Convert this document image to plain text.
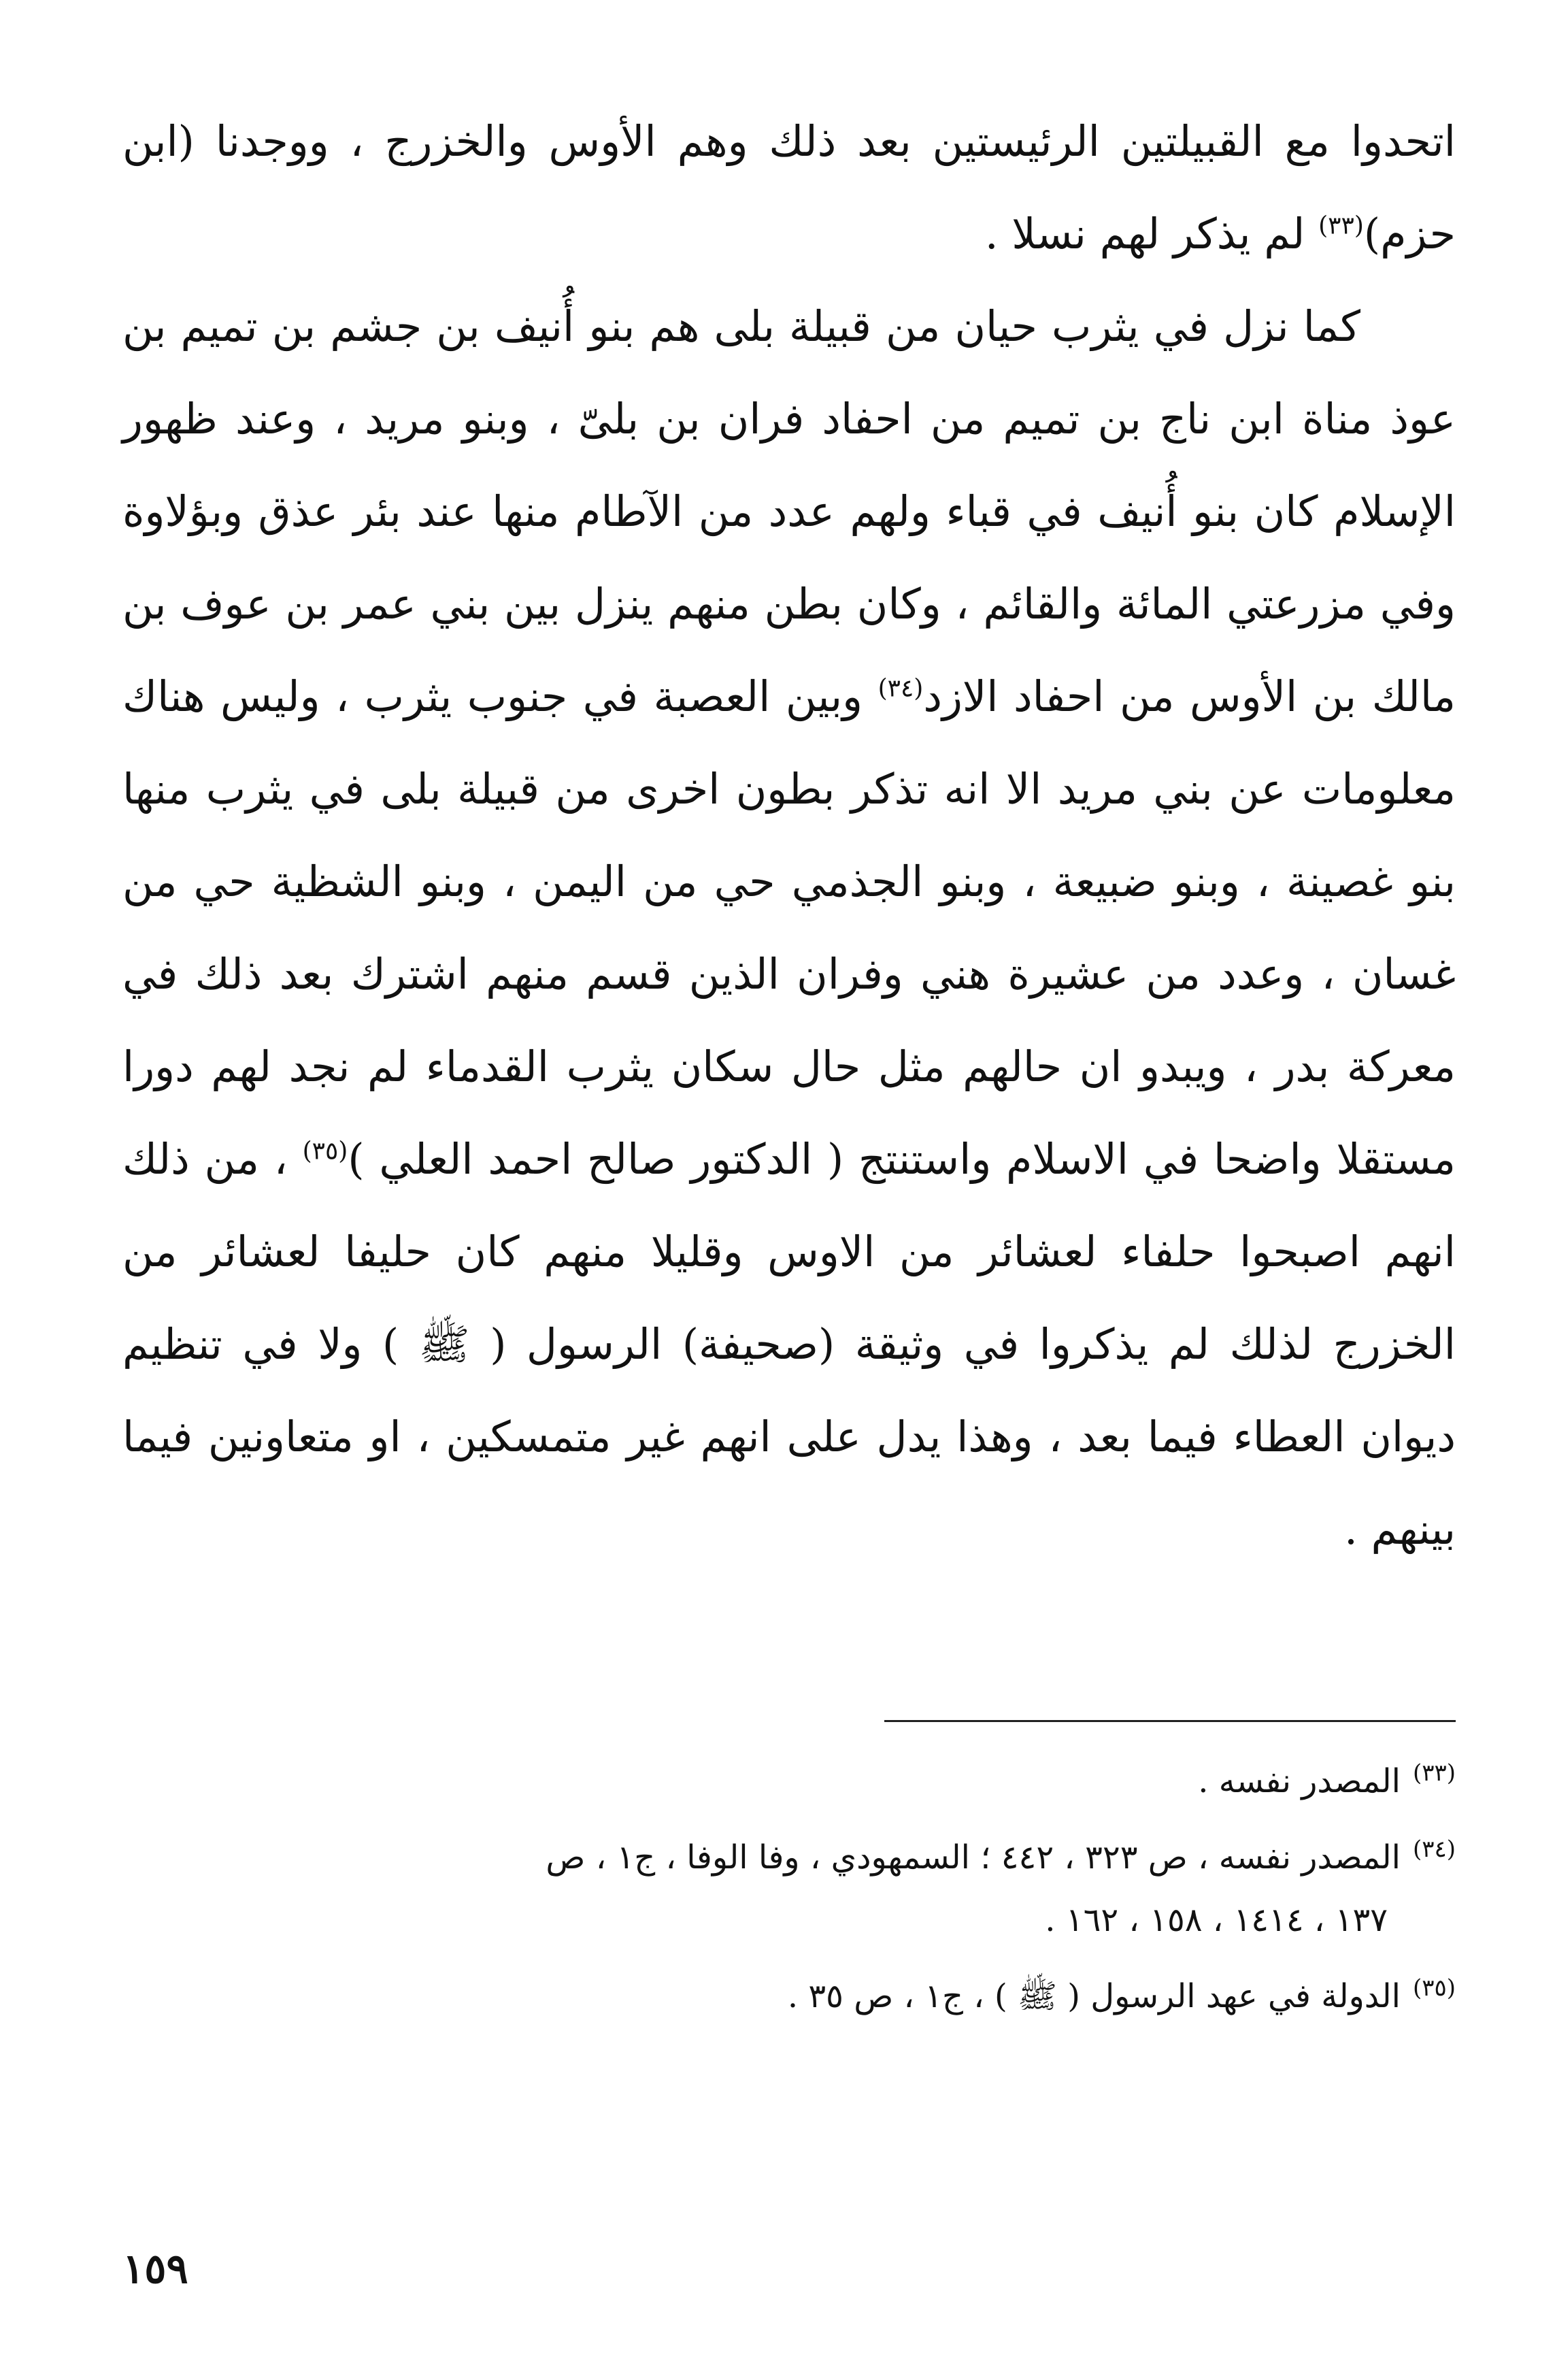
اتحدوا مع القبيلتين الرئيستين بعد ذلك وهم الأوس والخزرج ، ووجدنا (ابن حزم)$^{(٣٣)}$ لم يذكر لهم نسلا .

كما نزل في يثرب حيان من قبيلة بلى هم بنو أُنيف بن جشم بن تميم بن عوذ مناة ابن ناج بن تميم من احفاد فران بن بلىّ ، وبنو مريد ، وعند ظهور الإسلام كان بنو أُنيف في قباء ولهم عدد من الآطام منها عند بئر عذق وبؤلاوة وفي مزرعتي المائة والقائم ، وكان بطن منهم ينزل بين بني عمر بن عوف بن مالك بن الأوس من احفاد الازد$^{(٣٤)}$ وبين العصبة في جنوب يثرب ، وليس هناك معلومات عن بني مريد الا انه تذكر بطون اخرى من قبيلة بلى في يثرب منها بنو غصينة ، وبنو ضبيعة ، وبنو الجذمي حي من اليمن ، وبنو الشظية حي من غسان ، وعدد من عشيرة هني وفران الذين قسم منهم اشترك بعد ذلك في معركة بدر ، ويبدو ان حالهم مثل حال سكان يثرب القدماء لم نجد لهم دورا مستقلا واضحا في الاسلام واستنتج ( الدكتور صالح احمد العلي )$^{(٣٥)}$ ، من ذلك انهم اصبحوا حلفاء لعشائر من الاوس وقليلا منهم كان حليفا لعشائر من الخزرج لذلك لم يذكروا في وثيقة (صحيفة) الرسول ( ﷺ ) ولا في تنظيم ديوان العطاء فيما بعد ، وهذا يدل على انهم غير متمسكين ، او متعاونين فيما بينهم .

$^{(٣٣)}$المصدر نفسه .

$^{(٣٤)}$المصدر نفسه ، ص ٣٢٣ ، ٤٤٢ ؛ السمهودي ، وفا الوفا ، ج١ ، ص
١٣٧ ، ١٤١٤ ، ١٥٨ ، ١٦٢ .

$^{(٣٥)}$الدولة في عهد الرسول ( ﷺ ) ، ج١ ، ص ٣٥ .

١٥٩
